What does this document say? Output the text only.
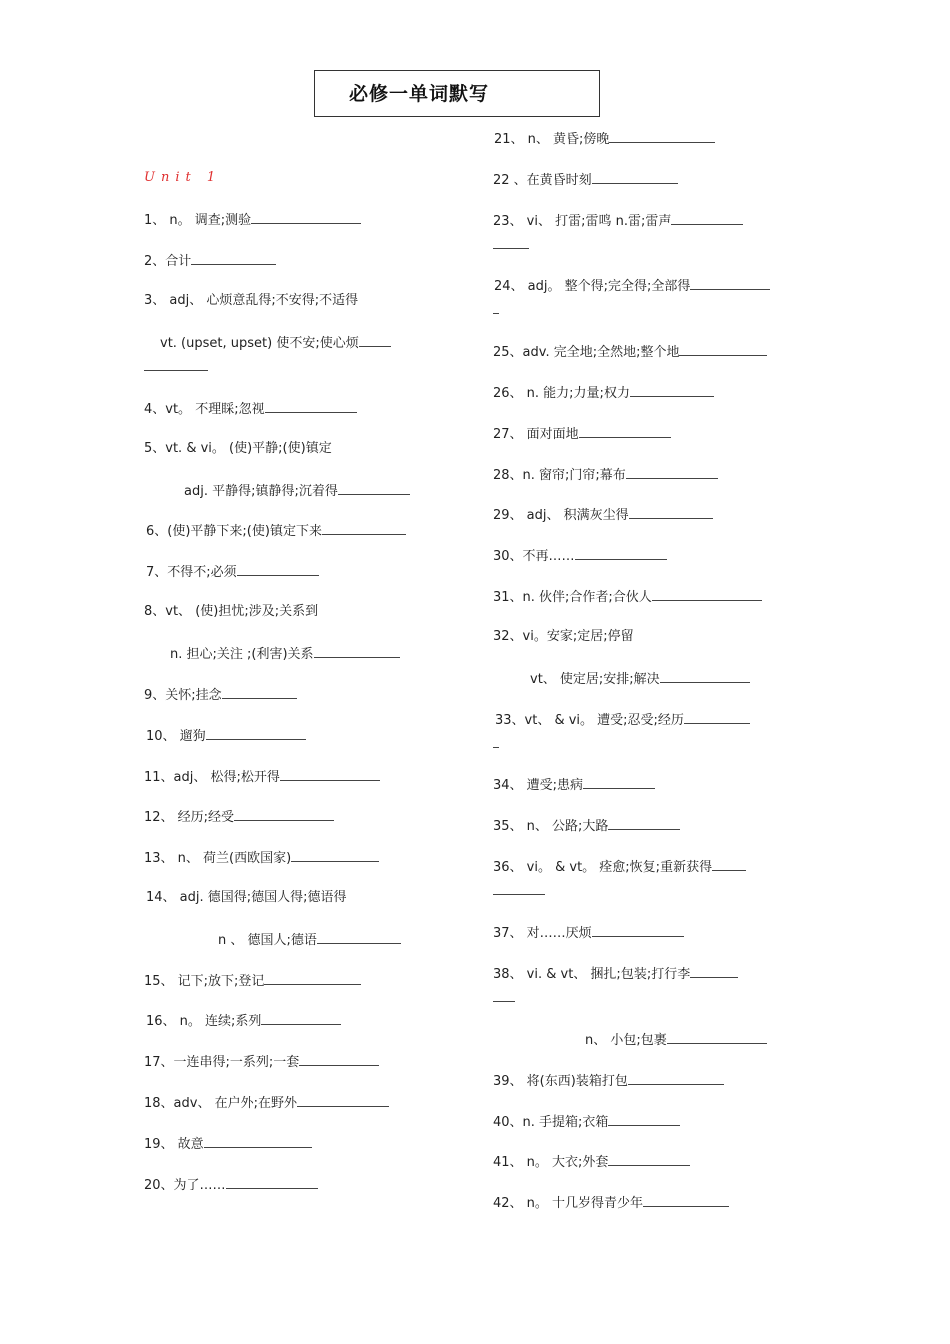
必修一单词默写
Unit 1
1、 n。 调查;测验
2、合计
3、 adj、 心烦意乱得;不安得;不适得
vt. (upset, upset) 使不安;使心烦
4、vt。 不理睬;忽视
5、vt. & vi。 (使)平静;(使)镇定
adj. 平静得;镇静得;沉着得
6、(使)平静下来;(使)镇定下来
7、不得不;必须
8、vt、 (使)担忧;涉及;关系到
n. 担心;关注 ;(利害)关系
9、关怀;挂念
10、 遛狗
11、adj、 松得;松开得
12、 经历;经受
13、 n、 荷兰(西欧国家)
14、 adj. 德国得;德国人得;德语得
n 、 德国人;德语
15、 记下;放下;登记
16、 n。 连续;系列
17、一连串得;一系列;一套
18、adv、 在户外;在野外
19、 故意
20、为了……
21、 n、 黄昏;傍晚
22 、在黄昏时刻
23、 vi、 打雷;雷鸣 n.雷;雷声
24、 adj。 整个得;完全得;全部得
25、adv. 完全地;全然地;整个地
26、 n. 能力;力量;权力
27、 面对面地
28、n. 窗帘;门帘;幕布
29、 adj、 积满灰尘得
30、不再……
31、n. 伙伴;合作者;合伙人
32、vi。安家;定居;停留
vt、 使定居;安排;解决
33、vt、 & vi。 遭受;忍受;经历
34、 遭受;患病
35、 n、 公路;大路
36、 vi。 & vt。 痊愈;恢复;重新获得
37、 对……厌烦
38、 vi. & vt、 捆扎;包装;打行李
n、 小包;包裹
39、 将(东西)装箱打包
40、n. 手提箱;衣箱
41、 n。 大衣;外套
42、 n。 十几岁得青少年
